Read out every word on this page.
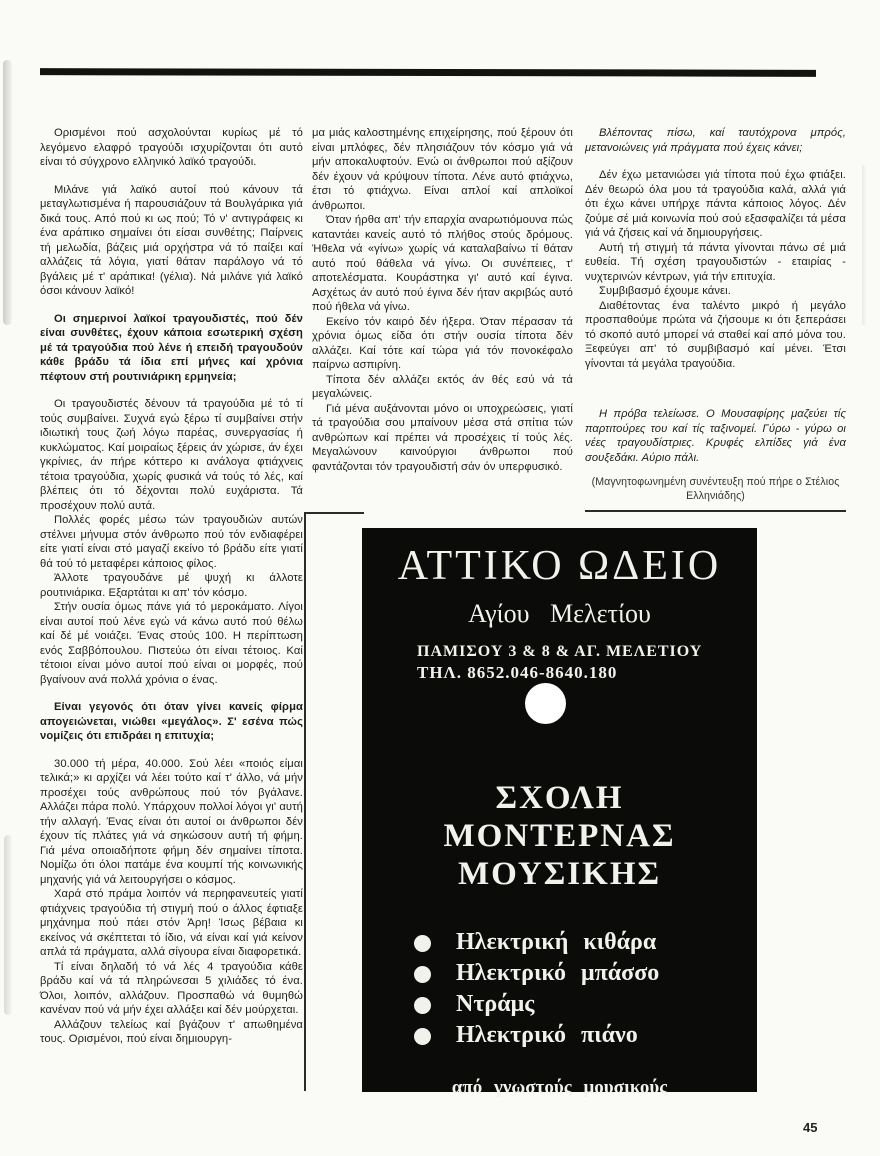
Ορισμένοι πού ασχολούνται κυρίως μέ τό λεγόμενο ελαφρό τραγούδι ισχυρίζονται ότι αυτό είναι τό σύγχρονο ελληνικό λαϊκό τραγούδι.

Μιλάνε γιά λαϊκό αυτοί πού κάνουν τά μεταγλωτισμένα ή παρουσιάζουν τά Βουλγάρικα γιά δικά τους. Από πού κι ως πού; Τό ν' αντιγράφεις κι ένα αράπικο σημαίνει ότι είσαι συνθέτης; Παίρνεις τή μελωδία, βάζεις μιά ορχήστρα νά τό παίξει καί αλλάζεις τά λόγια, γιατί θάταν παράλογο νά τό βγάλεις μέ τ' αράπικα! (γέλια). Νά μιλάνε γιά λαϊκό όσοι κάνουν λαϊκό!

Οι σημερινοί λαϊκοί τραγουδιστές, πού δέν είναι συνθέτες, έχουν κάποια εσωτερική σχέση μέ τά τραγούδια πού λένε ή επειδή τραγουδούν κάθε βράδυ τά ίδια επί μήνες καί χρόνια πέφτουν στή ρουτινιάρικη ερμηνεία;

Οι τραγουδιστές δένουν τά τραγούδια μέ τό τί τούς συμβαίνει. Συχνά εγώ ξέρω τί συμβαίνει στήν ιδιωτική τους ζωή λόγω παρέας, συνεργασίας ή κυκλώματος. Καί μοιραίως ξέρεις άν χώρισε, άν έχει γκρίνιες, άν πήρε κόττερο κι ανάλογα φτιάχνεις τέτοια τραγούδια, χωρίς φυσικά νά τούς τό λές, καί βλέπεις ότι τό δέχονται πολύ ευχάριστα. Τά προσέχουν πολύ αυτά.

Πολλές φορές μέσω τών τραγουδιών αυτών στέλνει μήνυμα στόν άνθρωπο πού τόν ενδιαφέρει είτε γιατί είναι στό μαγαζί εκείνο τό βράδυ είτε γιατί θά τού τό μεταφέρει κάποιος φίλος.

Άλλοτε τραγουδάνε μέ ψυχή κι άλλοτε ρουτινιάρικα. Εξαρτάται κι απ' τόν κόσμο.

Στήν ουσία όμως πάνε γιά τό μεροκάματο. Λίγοι είναι αυτοί πού λένε εγώ νά κάνω αυτό πού θέλω καί δέ μέ νοιάζει. Ένας στούς 100. Η περίπτωση ενός Σαββόπουλου. Πιστεύω ότι είναι τέτοιος. Καί τέτοιοι είναι μόνο αυτοί πού είναι οι μορφές, πού βγαίνουν ανά πολλά χρόνια ο ένας.

Είναι γεγονός ότι όταν γίνει κανείς φίρμα απογειώνεται, νιώθει «μεγάλος». Σ' εσένα πώς νομίζεις ότι επιδράει η επιτυχία;

30.000 τή μέρα, 40.000. Σού λέει «ποιός είμαι τελικά;» κι αρχίζει νά λέει τούτο καί τ' άλλο, νά μήν προσέχει τούς ανθρώπους πού τόν βγάλανε. Αλλάζει πάρα πολύ. Υπάρχουν πολλοί λόγοι γι' αυτή τήν αλλαγή. Ένας είναι ότι αυτοί οι άνθρωποι δέν έχουν τίς πλάτες γιά νά σηκώσουν αυτή τή φήμη. Γιά μένα οποιαδήποτε φήμη δέν σημαίνει τίποτα. Νομίζω ότι όλοι πατάμε ένα κουμπί τής κοινωνικής μηχανής γιά νά λειτουργήσει ο κόσμος.

Χαρά στό πράμα λοιπόν νά περηφανευτείς γιατί φτιάχνεις τραγούδια τή στιγμή πού ο άλλος έφτιαξε μηχάνημα πού πάει στόν Άρη! Ίσως βέβαια κι εκείνος νά σκέπτεται τό ίδιο, νά είναι καί γιά κείνον απλά τά πράγματα, αλλά σίγουρα είναι διαφορετικά.

Τί είναι δηλαδή τό νά λές 4 τραγούδια κάθε βράδυ καί νά τά πληρώνεσαι 5 χιλιάδες τό ένα. Όλοι, λοιπόν, αλλάζουν. Προσπαθώ νά θυμηθώ κανέναν πού νά μήν έχει αλλάξει καί δέν μούρχεται.

Αλλάζουν τελείως καί βγάζουν τ' απωθημένα τους. Ορισμένοι, πού είναι δημιουργη-

μα μιάς καλοστημένης επιχείρησης, πού ξέρουν ότι είναι μπλόφες, δέν πλησιάζουν τόν κόσμο γιά νά μήν αποκαλυφτούν. Ενώ οι άνθρωποι πού αξίζουν δέν έχουν νά κρύψουν τίποτα. Λένε αυτό φτιάχνω, έτσι τό φτιάχνω. Είναι απλοί καί απλοϊκοί άνθρωποι.

Όταν ήρθα απ' τήν επαρχία αναρωτιόμουνα πώς καταντάει κανείς αυτό τό πλήθος στούς δρόμους. Ήθελα νά «γίνω» χωρίς νά καταλαβαίνω τί θάταν αυτό πού θάθελα νά γίνω. Οι συνέπειες, τ' αποτελέσματα. Κουράστηκα γι' αυτό καί έγινα. Ασχέτως άν αυτό πού έγινα δέν ήταν ακριβώς αυτό πού ήθελα νά γίνω.

Εκείνο τόν καιρό δέν ήξερα. Όταν πέρασαν τά χρόνια όμως είδα ότι στήν ουσία τίποτα δέν αλλάζει. Καί τότε καί τώρα γιά τόν πονοκέφαλο παίρνω ασπιρίνη.

Τίποτα δέν αλλάζει εκτός άν θές εσύ νά τά μεγαλώνεις.

Γιά μένα αυξάνονται μόνο οι υποχρεώσεις, γιατί τά τραγούδια σου μπαίνουν μέσα στά σπίτια τών ανθρώπων καί πρέπει νά προσέχεις τί τούς λές. Μεγαλώνουν καινούργιοι άνθρωποι πού φαντάζονται τόν τραγουδιστή σάν όν υπερφυσικό.

Βλέποντας πίσω, καί ταυτόχρονα μπρός, μετανοιώνεις γιά πράγματα πού έχεις κάνει;

Δέν έχω μετανιώσει γιά τίποτα πού έχω φτιάξει. Δέν θεωρώ όλα μου τά τραγούδια καλά, αλλά γιά ότι έχω κάνει υπήρχε πάντα κάποιος λόγος. Δέν ζούμε σέ μιά κοινωνία πού σού εξασφαλίζει τά μέσα γιά νά ζήσεις καί νά δημιουργήσεις.

Αυτή τή στιγμή τά πάντα γίνονται πάνω σέ μιά ευθεία. Τή σχέση τραγουδιστών - εταιρίας - νυχτερινών κέντρων, γιά τήν επιτυχία.

Συμβιβασμό έχουμε κάνει.

Διαθέτοντας ένα ταλέντο μικρό ή μεγάλο προσπαθούμε πρώτα νά ζήσουμε κι ότι ξεπεράσει τό σκοπό αυτό μπορεί νά σταθεί καί από μόνα του. Ξεφεύγει απ' τό συμβιβασμό καί μένει. Έτσι γίνονται τά μεγάλα τραγούδια.

Η πρόβα τελείωσε. Ο Μουσαφίρης μαζεύει τίς παρτιτούρες του καί τίς ταξινομεί. Γύρω - γύρω οι νέες τραγουδίστριες. Κρυφές ελπίδες γιά ένα σουξεδάκι. Αύριο πάλι.

(Μαγνητοφωνημένη συνέντευξη πού πήρε ο Στέλιος Ελληνιάδης)
ΑΤΤΙΚΟ ΩΔΕΙΟ
Αγίου Μελετίου
ΠΑΜΙΣΟΥ 3 & 8 & ΑΓ. ΜΕΛΕΤΙΟΥ
ΤΗΛ. 8652.046-8640.180
ΣΧΟΛΗ
ΜΟΝΤΕΡΝΑΣ
ΜΟΥΣΙΚΗΣ
Ηλεκτρική κιθάρα
Ηλεκτρικό μπάσσο
Ντράμς
Ηλεκτρικό πιάνο
από γνωστούς μουσικούς
45
